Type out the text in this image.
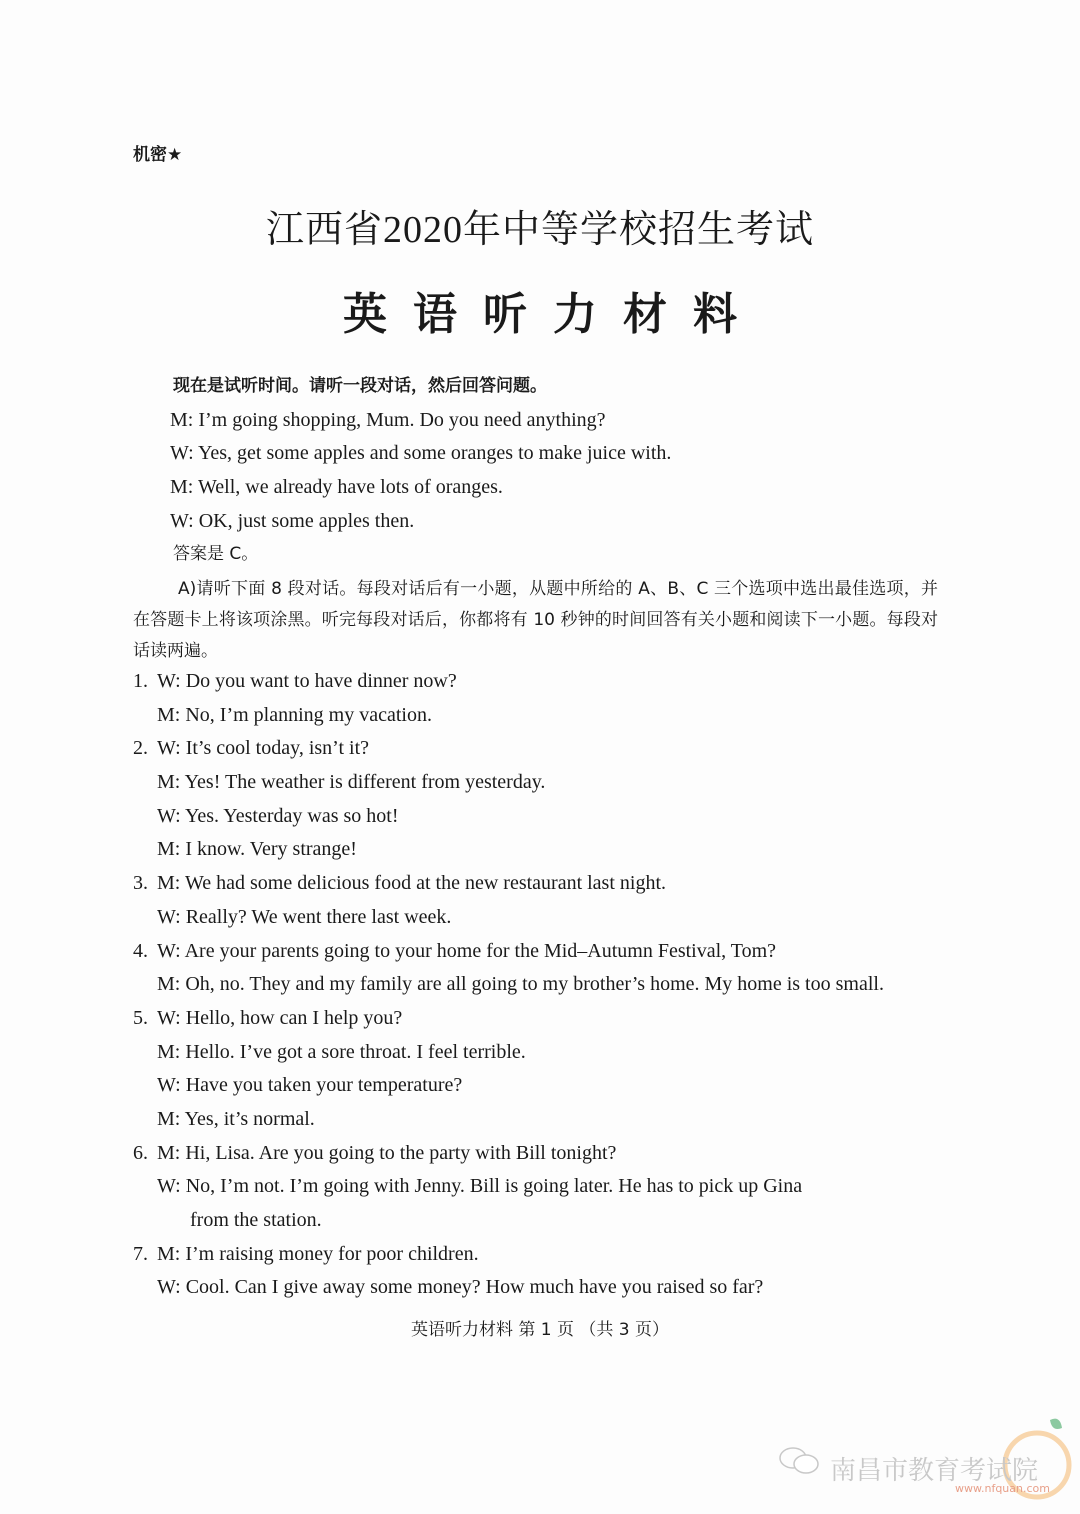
机密★
江西省2020年中等学校招生考试
英语听力材料
现在是试听时间。请听一段对话，然后回答问题。
M: I’m going shopping, Mum. Do you need anything?
W: Yes, get some apples and some oranges to make juice with.
M: Well, we already have lots of oranges.
W: OK, just some apples then.
答案是 C。
A)请听下面 8 段对话。每段对话后有一小题，从题中所给的 A、B、C 三个选项中选出最佳选项，并在答题卡上将该项涂黑。听完每段对话后，你都将有 10 秒钟的时间回答有关小题和阅读下一小题。每段对话读两遍。
1. W: Do you want to have dinner now?
M: No, I’m planning my vacation.
2. W: It’s cool today, isn’t it?
M: Yes! The weather is different from yesterday.
W: Yes. Yesterday was so hot!
M: I know. Very strange!
3. M: We had some delicious food at the new restaurant last night.
W: Really? We went there last week.
4. W: Are your parents going to your home for the Mid–Autumn Festival, Tom?
M: Oh, no. They and my family are all going to my brother’s home. My home is too small.
5. W: Hello, how can I help you?
M: Hello. I’ve got a sore throat. I feel terrible.
W: Have you taken your temperature?
M: Yes, it’s normal.
6. M: Hi, Lisa. Are you going to the party with Bill tonight?
W: No, I’m not. I’m going with Jenny. Bill is going later. He has to pick up Gina
from the station.
7. M: I’m raising money for poor children.
W: Cool. Can I give away some money? How much have you raised so far?
英语听力材料 第 1 页 （共 3 页）
南昌市教育考试院
www.nfquan.com
